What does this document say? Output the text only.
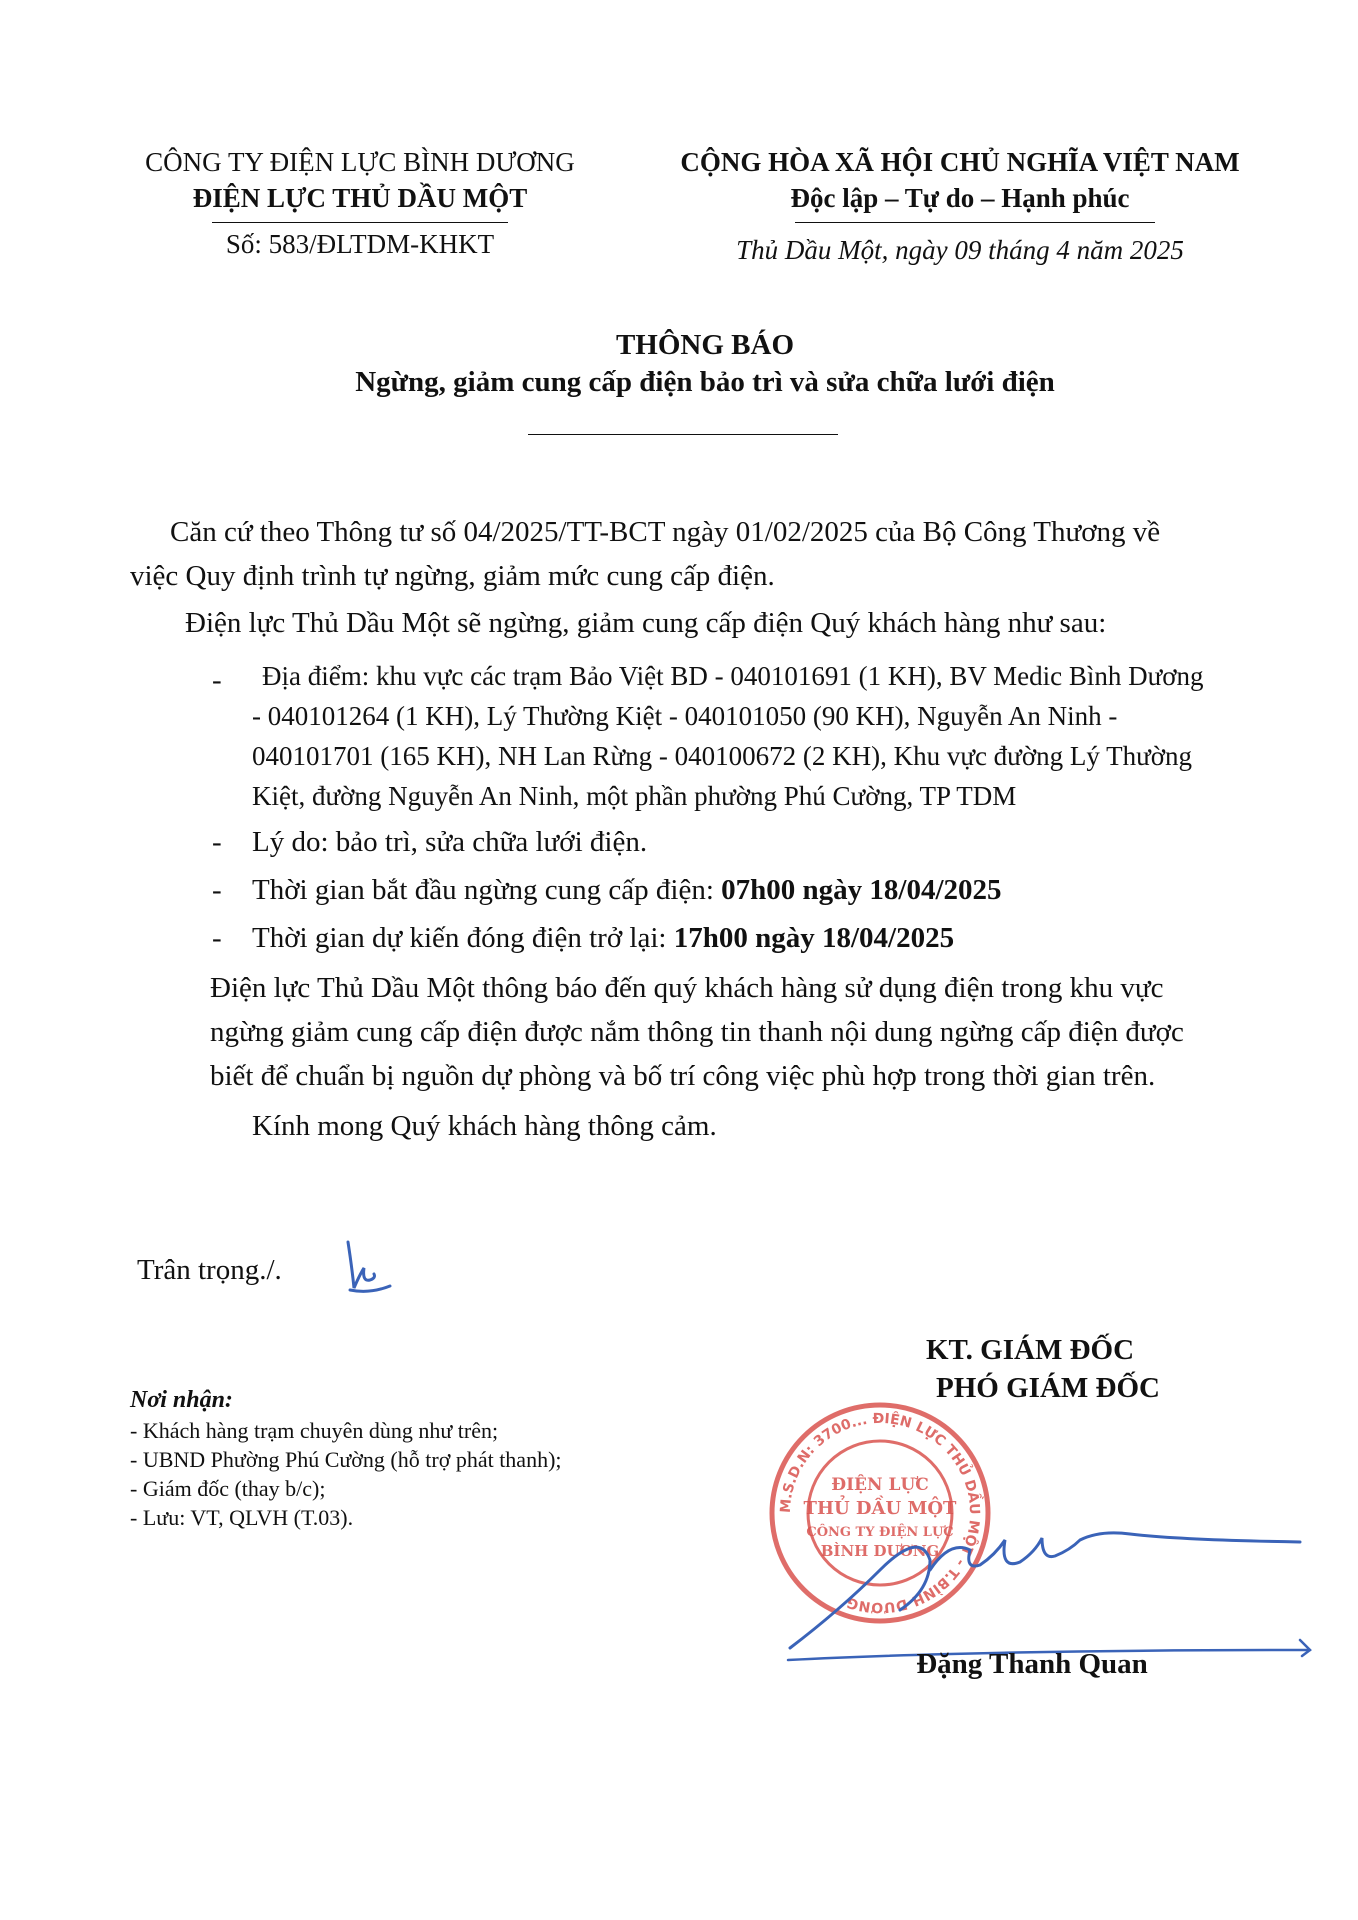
CÔNG TY ĐIỆN LỰC BÌNH DƯƠNG
ĐIỆN LỰC THỦ DẦU MỘT
Số: 583/ĐLTDM-KHKT
CỘNG HÒA XÃ HỘI CHỦ NGHĨA VIỆT NAM
Độc lập – Tự do – Hạnh phúc
Thủ Dầu Một, ngày 09 tháng 4 năm 2025
THÔNG BÁO
Ngừng, giảm cung cấp điện bảo trì và sửa chữa lưới điện
Căn cứ theo Thông tư số 04/2025/TT-BCT ngày 01/02/2025 của Bộ Công Thương về
việc Quy định trình tự ngừng, giảm mức cung cấp điện.
Điện lực Thủ Dầu Một sẽ ngừng, giảm cung cấp điện Quý khách hàng như sau:
- Địa điểm: khu vực các trạm Bảo Việt BD - 040101691 (1 KH), BV Medic Bình Dương
- 040101264 (1 KH), Lý Thường Kiệt - 040101050 (90 KH), Nguyễn An Ninh -
040101701 (165 KH), NH Lan Rừng - 040100672 (2 KH), Khu vực đường Lý Thường
Kiệt, đường Nguyễn An Ninh, một phần phường Phú Cường, TP TDM
- Lý do: bảo trì, sửa chữa lưới điện.
- Thời gian bắt đầu ngừng cung cấp điện: 07h00 ngày 18/04/2025
- Thời gian dự kiến đóng điện trở lại: 17h00 ngày 18/04/2025
Điện lực Thủ Dầu Một thông báo đến quý khách hàng sử dụng điện trong khu vực
ngừng giảm cung cấp điện được nắm thông tin thanh nội dung ngừng cấp điện được
biết để chuẩn bị nguồn dự phòng và bố trí công việc phù hợp trong thời gian trên.
Kính mong Quý khách hàng thông cảm.
Trân trọng./.
Nơi nhận:
- Khách hàng trạm chuyên dùng như trên;
- UBND Phường Phú Cường (hỗ trợ phát thanh);
- Giám đốc (thay b/c);
- Lưu: VT, QLVH (T.03).
KT. GIÁM ĐỐC
PHÓ GIÁM ĐỐC
M.S.D.N: 3700... ĐIỆN LỰC THỦ DẦU MỘT - T.BÌNH DƯƠNG
ĐIỆN LỰC
THỦ DẦU MỘT
CÔNG TY ĐIỆN LỰC
BÌNH DƯƠNG
Đặng Thanh Quan
